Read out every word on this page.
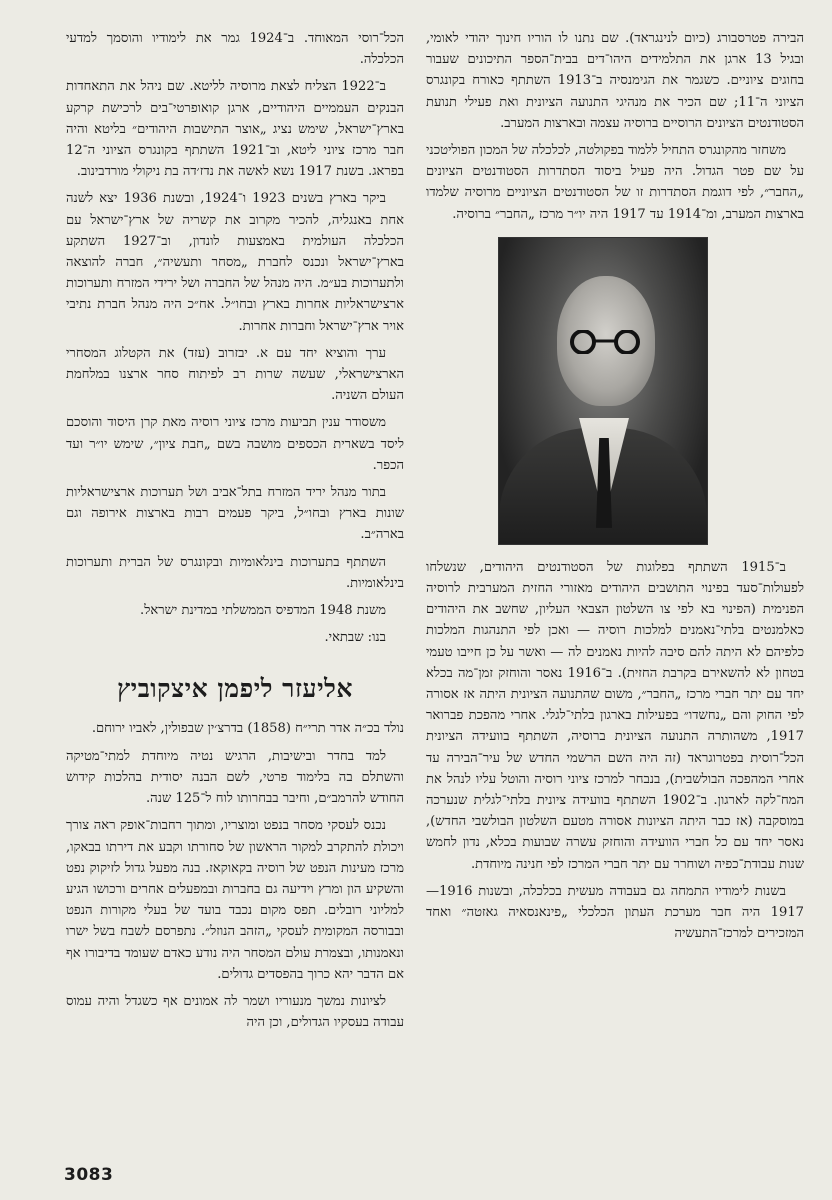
הבירה פטרסבורג (כיום לנינגראד). שם נתנו לו הוריו חינוך יהודי לאומי, ובגיל 13 ארגן את התלמידים היהו־דים בבית־הספר התיכונים שעבור בחוגים ציוניים. כשגמר את הגימנסיה ב־1913 השתתף כאורח בקונגרס הציוני ה־11; שם הכיר את מנהיגי התנועה הציונית ואת פעילי תנועת הסטודנטים הציונים הרוסיים ברוסיה עצמה ובארצות המערב.

משחזר מהקונגרס התחיל ללמוד בפקולטה, לכלכלה של המכון הפוליטכני על שם פטר הגדול. היה פעיל ביסוד הסתדרות הסטודנטים הציונים „החבר״, לפי דוגמת הסתדרות זו של הסטודנטים הציוניים מרוסיה שלמדו בארצות המערב, ומ־1914 עד 1917 היה יו״ר מרכז „החבר״ ברוסיה.

ב־1915 השתתף בפלוגות של הסטודנטים היהודים, שנשלחו לפעולות־סעד בפינוי התושבים היהודים מאזורי החזית המערבית לרוסיה הפנימית (הפינוי בא לפי צו השלטון הצבאי העליון, שחשב את היהודים כאלמנטים בלתי־נאמנים למלכות רוסיה — ואכן לפי התנהגות המלכות כלפיהם לא היתה להם סיבה להיות נאמנים לה — ואשר על כן חייבו טעמי בטחון לא להשאירם בקרבת החזית). ב־1916 נאסר והוחזק זמן־מה בכלא יחד עם יתר חברי מרכז „החבר״, משום שהתנועה הציונית היתה אז אסורה לפי החוק והם „נחשדו״ בפעילות בארגון בלתי־לגלי. אחרי מהפכת פברואר 1917, משהותרה התנועה הציונית ברוסיה, השתתף בוועידה הציונית הכל־רוסית בפטרוגראד (זה היה השם הרשמי החדש של עיר־הבירה עד אחרי המהפכה הבולשבית), בנבחר למרכז ציוני רוסיה והוטל עליו לנהל את המח־לקה לארגון. ב־1902 השתתף בוועידה ציונית בלתי־לגלית שנערכה במוסקבה (אז כבר היתה הציונות אסורה מטעם השלטון הבולשבי החדש), נאסר יחד עם כל חברי הוועידה והוחזק עשרה שבועות בכלא, נדון לחמש שנות עבודת־כפיה ושוחרר עם יתר חברי המרכז לפי חנינה מיוחדת.

בשנות לימודיו התמחה גם בעבודה מעשית בכלכלה, ובשנות 1916—1917 היה חבר מערכת העתון הכלכלי „פינאנסאיה גאזטה״ ואחד המזכירים למרכז־התעשיה

הכל־רוסי המאוחד. ב־1924 גמר את לימודיו והוסמך למדעי הכלכלה.

ב־1922 הצליח לצאת מרוסיה לליטא. שם ניהל את התאחדות הבנקים העממיים היהודיים, ארגן קואופרטי־בים לרכישת קרקע בארץ־ישראל, שימש נציג „אוצר התישבות היהודים״ בליטא והיה חבר מרכז ציוני ליטא, וב־1921 השתתף בקונגרס הציוני ה־12 בפראג. בשנת 1917 נשא לאשה את נדז׳דה בת ניקולי מורדבינוב.

ביקר בארץ בשנים 1923 ו־1924, ובשנת 1936 יצא לשנה אחת באנגליה, להכיר מקרוב את קשריה של ארץ־ישראל עם הכלכלה העולמית באמצעות לונדון, וב־1927 השתקע בארץ־ישראל ונכנס לחברת „מסחר ותעשיה״, חברה להוצאה ולתערוכות בע״מ. היה מנהל של החברה ושל ירידי המזרח ותערוכות ארצישראליות אחרות בארץ ובחו״ל. אח״כ היה מנהל חברת נתיבי אויר ארץ־ישראל וחברות אחרות.

ערך והוציא יחד עם א. יבזרוב (עזד) את הקטלוג המסחרי הארצישראלי, שעשה שרות רב לפיתוח סחר ארצנו במלחמת העולם השניה.

משסודר ענין תביעות מרכז ציוני רוסיה מאת קרן היסוד והוסכם ליסד בשארית הכספים מושבה בשם „חבת ציון״, שימש יו״ר ועד הכפר.

בתור מנהל יריד המזרח בתל־אביב ושל תערוכות ארצישראליות שונות בארץ ובחו״ל, ביקר פעמים רבות בארצות אירופה וגם בארה״ב.

השתתף בתערוכות בינלאומיות ובקונגרס של הברית ותערוכות בינלאומיות.

משנת 1948 המדפיס הממשלתי במדינת ישראל.

בנו: שבתאי.

אליעזר ליפמן איצקוביץ

נולד בכ״ה אדר תרי״ח (1858) בדרצ׳ין שבפולין, לאביו ירוחם.

למד בחדר ובישיבות, הרגיש נטיה מיוחדת למתי־מטיקה והשתלם בה בלימוד פרטי, לשם הבנה יסודית בהלכות קידוש החודש להרמב״ם, וחיבר בבחרותו לוח ל־125 שנה.

נכנס לעסקי מסחר בנפט ומוצריו, ומתוך רחבות־אופק ראה צורך ויכולת להתקרב למקור הראשון של סחורתו וקבע את דירתו בבאקו, מרכז מעינות הנפט של רוסיה בקאוקאז. בנה מפעל גדול לזיקוק נפט והשקיע הון ומרץ וידיעה גם בחברות ובמפעלים אחרים ורכושו הגיע למליוני רובלים. תפס מקום נכבד בועד של בעלי מקורות הנפט ובבורסה המקומית לעסקי „הזהב הנוזל״. נתפרסם לשבח בשל ישרו ונאמנותו, ובצמרת עולם המסחר היה נודע כאדם שעומד בדיבורו אף אם הדבר יהא כרוך בהפסדים גדולים.

לציונות נמשך מנעוריו ושמר לה אמונים אף כשגדל והיה עמוס עבודה בעסקיו הגדולים, וכן היה

3083
